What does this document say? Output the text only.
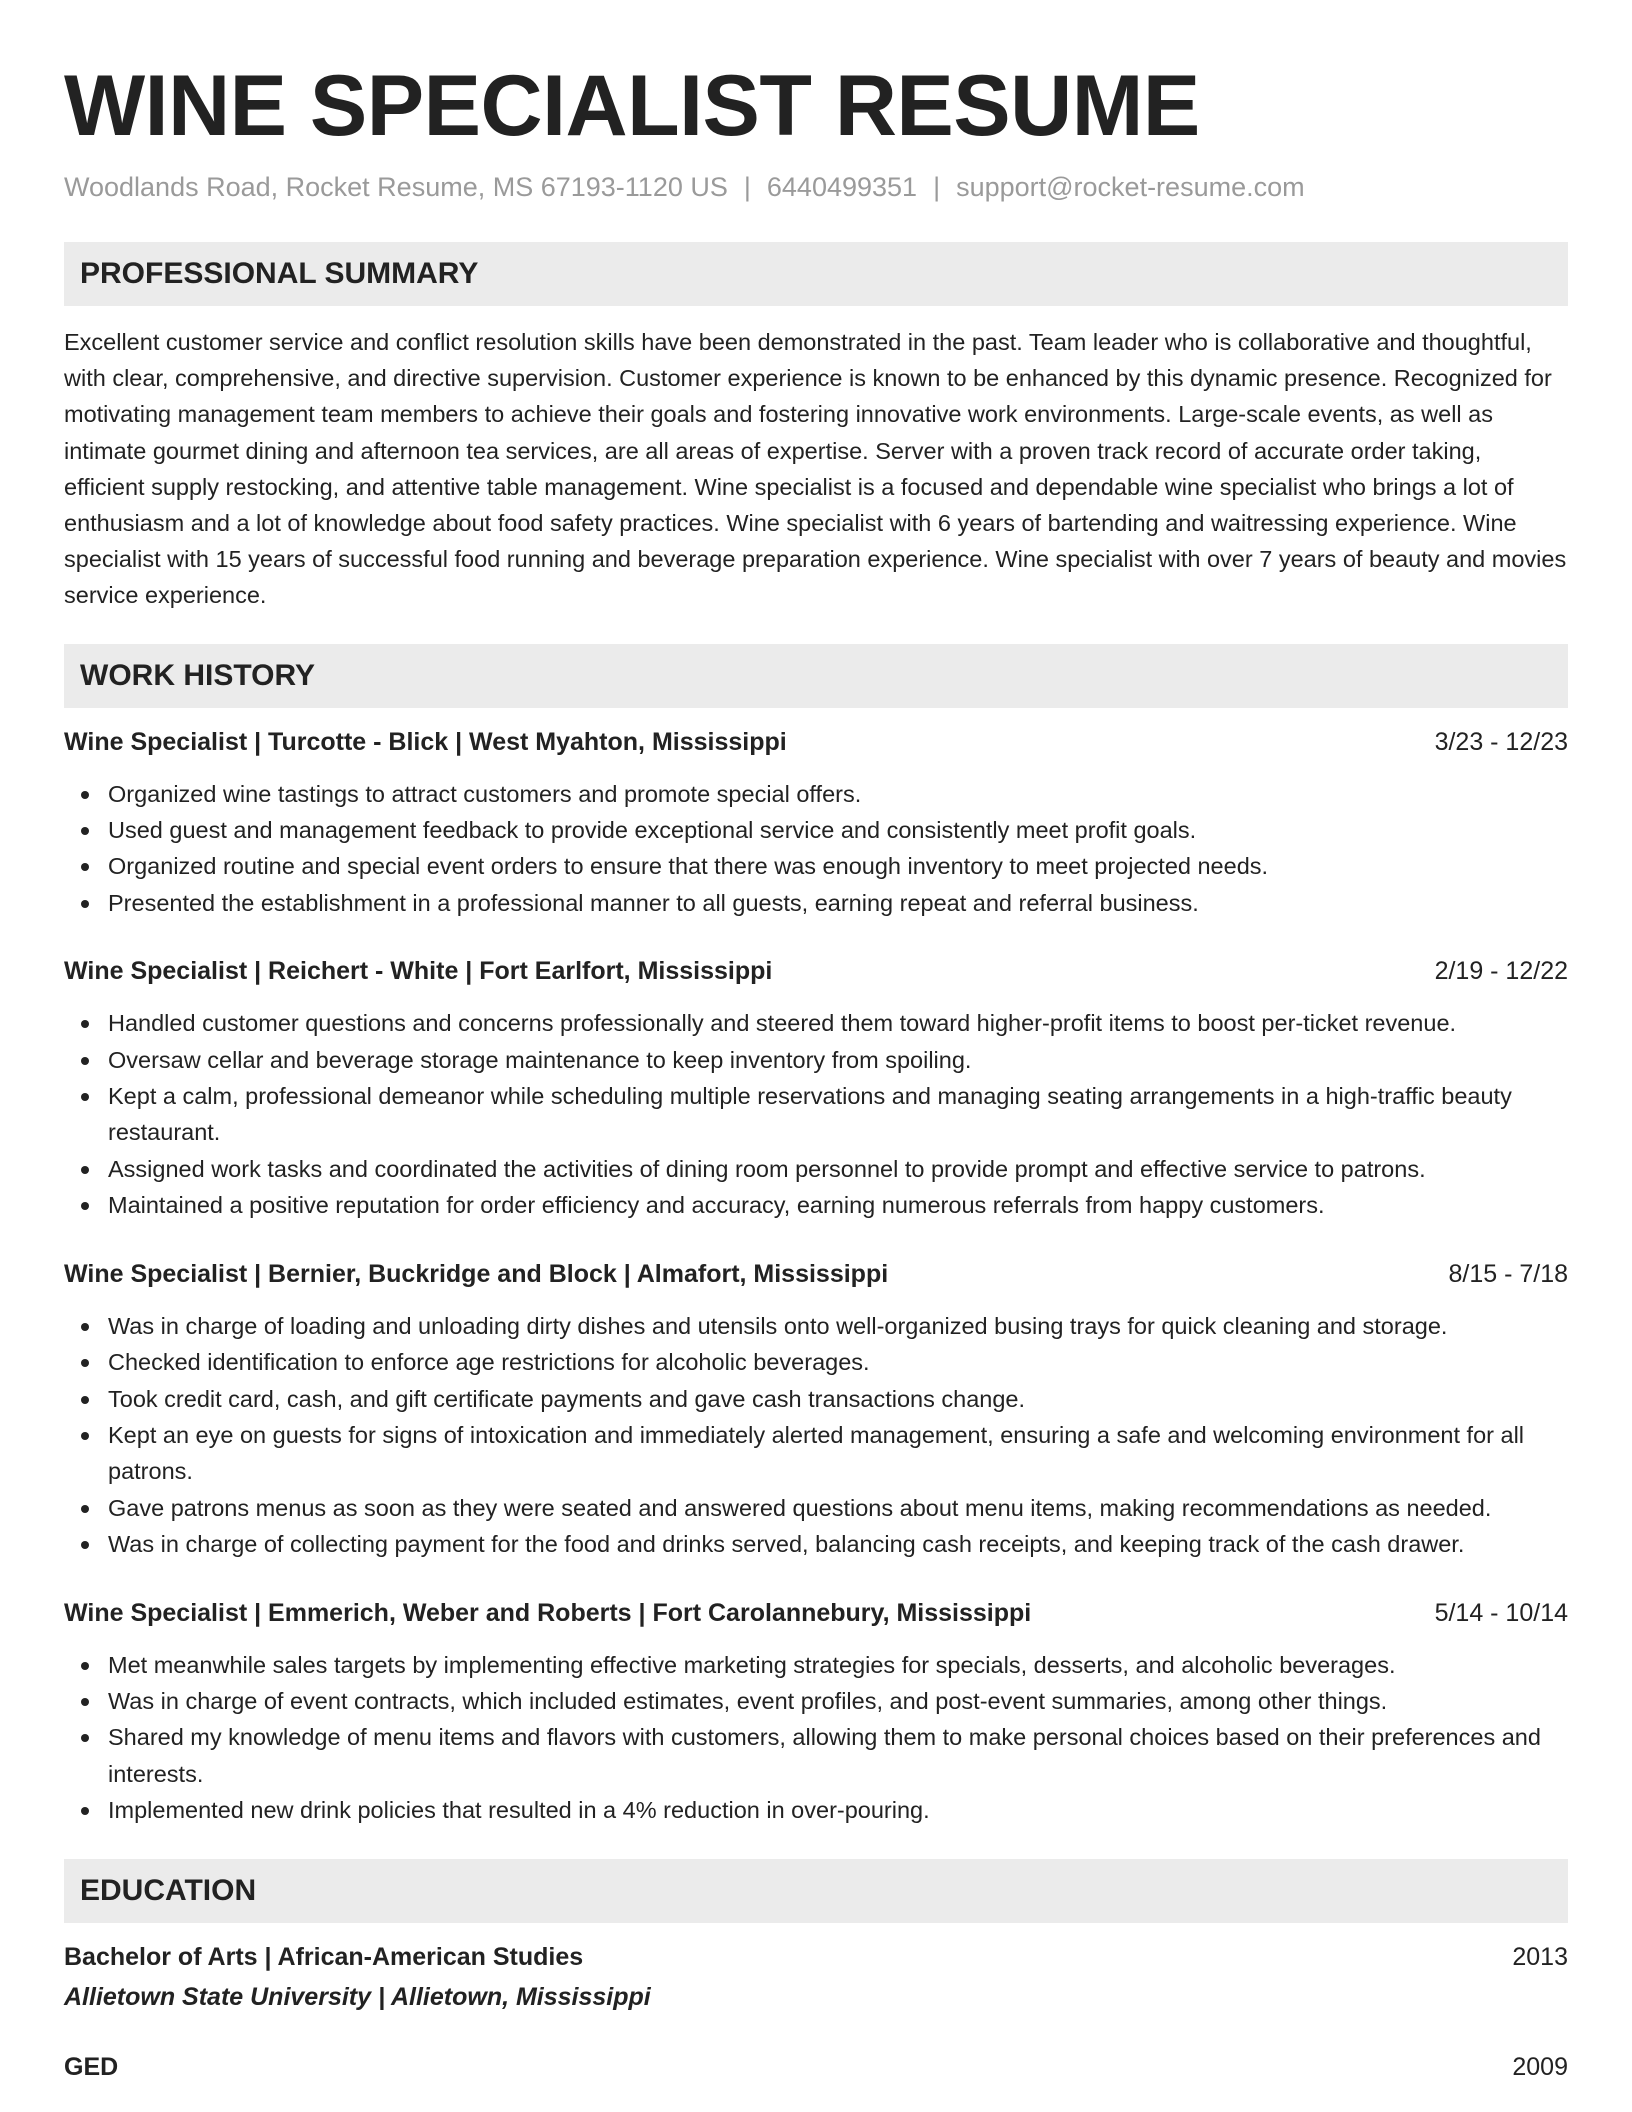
WINE SPECIALIST RESUME
Woodlands Road, Rocket Resume, MS 67193-1120 US | 6440499351 | support@rocket-resume.com
PROFESSIONAL SUMMARY

Excellent customer service and conflict resolution skills have been demonstrated in the past. Team leader who is collaborative and thoughtful, with clear, comprehensive, and directive supervision. Customer experience is known to be enhanced by this dynamic presence. Recognized for motivating management team members to achieve their goals and fostering innovative work environments. Large-scale events, as well as intimate gourmet dining and afternoon tea services, are all areas of expertise. Server with a proven track record of accurate order taking, efficient supply restocking, and attentive table management. Wine specialist is a focused and dependable wine specialist who brings a lot of enthusiasm and a lot of knowledge about food safety practices. Wine specialist with 6 years of bartending and waitressing experience. Wine specialist with 15 years of successful food running and beverage preparation experience. Wine specialist with over 7 years of beauty and movies service experience.

WORK HISTORY
Wine Specialist | Turcotte - Blick | West Myahton, Mississippi	3/23 - 12/23
Organized wine tastings to attract customers and promote special offers.
Used guest and management feedback to provide exceptional service and consistently meet profit goals.
Organized routine and special event orders to ensure that there was enough inventory to meet projected needs.
Presented the establishment in a professional manner to all guests, earning repeat and referral business.
Wine Specialist | Reichert - White | Fort Earlfort, Mississippi	2/19 - 12/22
Handled customer questions and concerns professionally and steered them toward higher-profit items to boost per-ticket revenue.
Oversaw cellar and beverage storage maintenance to keep inventory from spoiling.
Kept a calm, professional demeanor while scheduling multiple reservations and managing seating arrangements in a high-traffic beauty restaurant.
Assigned work tasks and coordinated the activities of dining room personnel to provide prompt and effective service to patrons.
Maintained a positive reputation for order efficiency and accuracy, earning numerous referrals from happy customers.
Wine Specialist | Bernier, Buckridge and Block | Almafort, Mississippi	8/15 - 7/18
Was in charge of loading and unloading dirty dishes and utensils onto well-organized busing trays for quick cleaning and storage.
Checked identification to enforce age restrictions for alcoholic beverages.
Took credit card, cash, and gift certificate payments and gave cash transactions change.
Kept an eye on guests for signs of intoxication and immediately alerted management, ensuring a safe and welcoming environment for all patrons.
Gave patrons menus as soon as they were seated and answered questions about menu items, making recommendations as needed.
Was in charge of collecting payment for the food and drinks served, balancing cash receipts, and keeping track of the cash drawer.
Wine Specialist | Emmerich, Weber and Roberts | Fort Carolannebury, Mississippi	5/14 - 10/14
Met meanwhile sales targets by implementing effective marketing strategies for specials, desserts, and alcoholic beverages.
Was in charge of event contracts, which included estimates, event profiles, and post-event summaries, among other things.
Shared my knowledge of menu items and flavors with customers, allowing them to make personal choices based on their preferences and interests.
Implemented new drink policies that resulted in a 4% reduction in over-pouring.
EDUCATION
Bachelor of Arts | African-American Studies	2013
Allietown State University | Allietown, Mississippi
GED	2009
